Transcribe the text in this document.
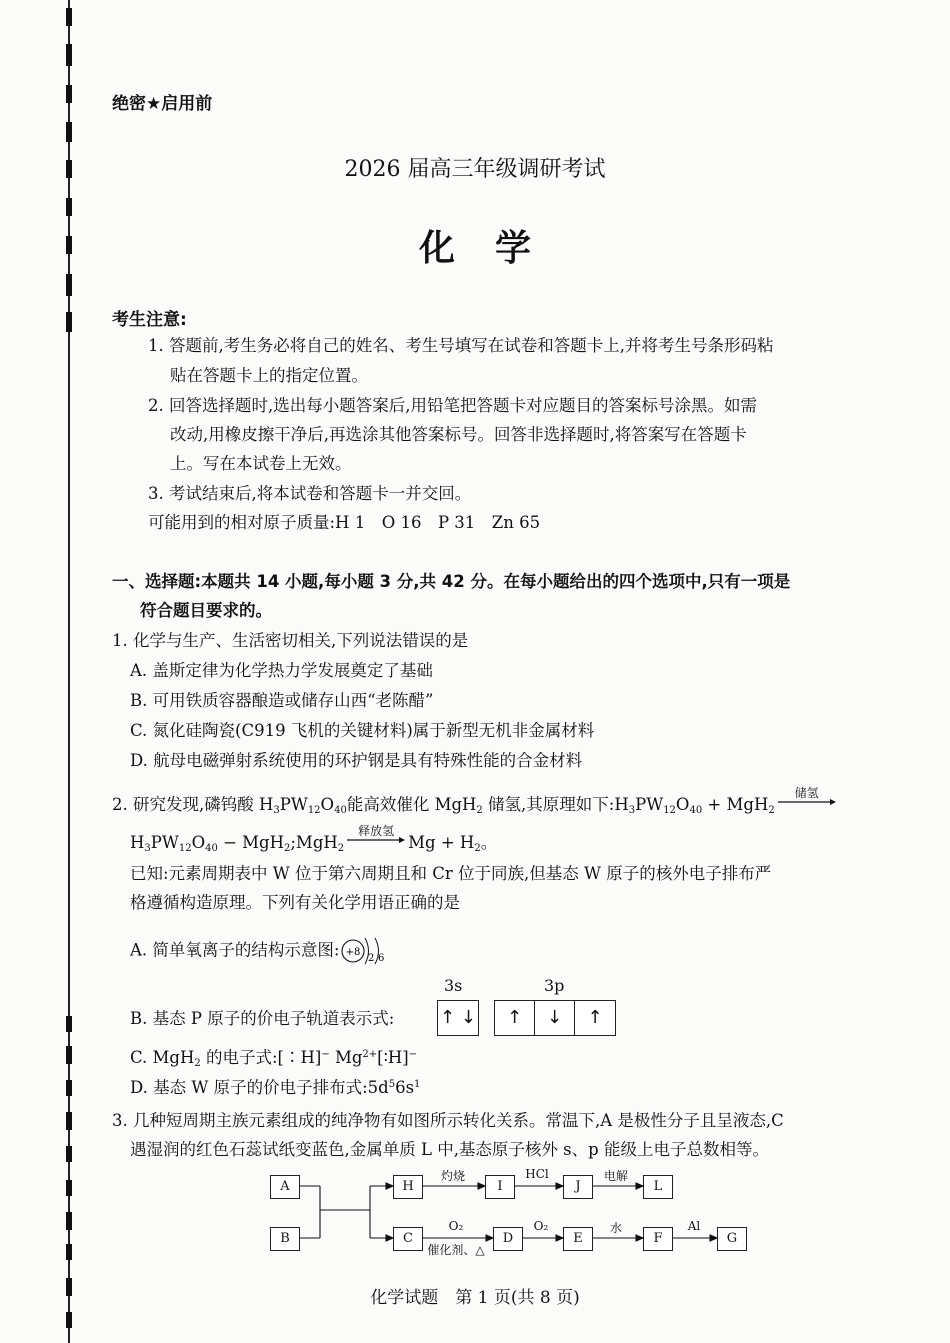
绝密★启用前
2026 届高三年级调研考试
化学
考生注意:
1. 答题前,考生务必将自己的姓名、考生号填写在试卷和答题卡上,并将考生号条形码粘
贴在答题卡上的指定位置。
2. 回答选择题时,选出每小题答案后,用铅笔把答题卡对应题目的答案标号涂黑。如需
改动,用橡皮擦干净后,再选涂其他答案标号。回答非选择题时,将答案写在答题卡
上。写在本试卷上无效。
3. 考试结束后,将本试卷和答题卡一并交回。
可能用到的相对原子质量:H 1　O 16　P 31　Zn 65
一、选择题:本题共 14 小题,每小题 3 分,共 42 分。在每小题给出的四个选项中,只有一项是
符合题目要求的。
1. 化学与生产、生活密切相关,下列说法错误的是
A. 盖斯定律为化学热力学发展奠定了基础
B. 可用铁质容器酿造或储存山西“老陈醋”
C. 氮化硅陶瓷(C919 飞机的关键材料)属于新型无机非金属材料
D. 航母电磁弹射系统使用的环护钢是具有特殊性能的合金材料
2. 研究发现,磷钨酸 $H_3PW_{12}O_{40}$能高效催化 MgH$_2$ 储氢,其原理如下$:H_3PW_{12}O_{40} + MgH_2$
储氢
$H_3PW_{12}O_{40}$ − MgH$_2$;MgH$_2$
释放氢
$Mg + H_2$。
已知:元素周期表中 W 位于第六周期且和 Cr 位于同族,但基态 W 原子的核外电子排布严
格遵循构造原理。下列有关化学用语正确的是
A. 简单氧离子的结构示意图: +8
2 6
3s	3p
B. 基态 P 原子的价电子轨道表示式:	↑ ↓	↑	↓	↑
C. MgH$_2$ 的电子式:[∶H]− $Mg^{2+}[∶H]^-$
D. 基态 W 原子的价电子排布式$:5d^56s^1$
3. 几种短周期主族元素组成的纯净物有如图所示转化关系。常温下,A 是极性分子且呈液态,C
遇湿润的红色石蕊试纸变蓝色,金属单质 L 中,基态原子核外 s、p 能级上电子总数相等。
A
B
H	I	J	L
C	D	E	F	G
灼烧	HCl	电解
O₂
催化剂、△
O₂	水	Al
化学试题　第 1 页(共 8 页)
